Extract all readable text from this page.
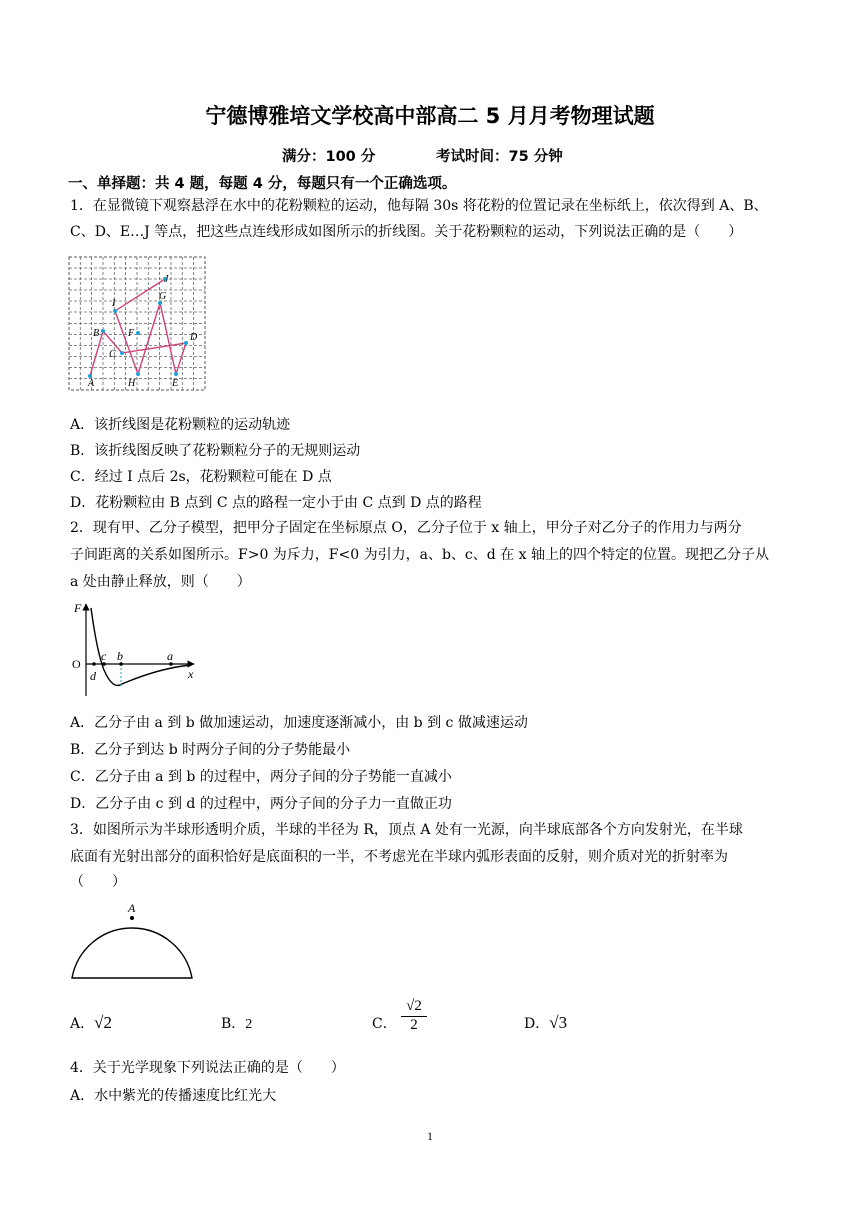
宁德博雅培文学校高中部高二 5 月月考物理试题
满分：100 分	考试时间：75 分钟
一、单择题：共 4 题，每题 4 分，每题只有一个正确选项。
1．在显微镜下观察悬浮在水中的花粉颗粒的运动，他每隔 30s 将花粉的位置记录在坐标纸上，依次得到 A、B、
C、D、E…J 等点，把这些点连线形成如图所示的折线图。关于花粉颗粒的运动，下列说法正确的是（　　）
A
B
C
D
E
F
G
H
I
J
A．该折线图是花粉颗粒的运动轨迹
B．该折线图反映了花粉颗粒分子的无规则运动
C．经过 I 点后 2s，花粉颗粒可能在 D 点
D．花粉颗粒由 B 点到 C 点的路程一定小于由 C 点到 D 点的路程
2．现有甲、乙分子模型，把甲分子固定在坐标原点 O，乙分子位于 x 轴上，甲分子对乙分子的作用力与两分
子间距离的关系如图所示。F>0 为斥力，F<0 为引力，a、b、c、d 在 x 轴上的四个特定的位置。现把乙分子从
a 处由静止释放，则（　　）
F
O
x
a
b
c
d
A．乙分子由 a 到 b 做加速运动，加速度逐渐减小，由 b 到 c 做减速运动
B．乙分子到达 b 时两分子间的分子势能最小
C．乙分子由 a 到 b 的过程中，两分子间的分子势能一直减小
D．乙分子由 c 到 d 的过程中，两分子间的分子力一直做正功
3．如图所示为半球形透明介质，半球的半径为 R，顶点 A 处有一光源，向半球底部各个方向发射光，在半球
底面有光射出部分的面积恰好是底面积的一半，不考虑光在半球内弧形表面的反射，则介质对光的折射率为
（　　）
A
A．√2	B．2	C．
√2
2	D．√3
4．关于光学现象下列说法正确的是（　　）
A．水中紫光的传播速度比红光大
1
